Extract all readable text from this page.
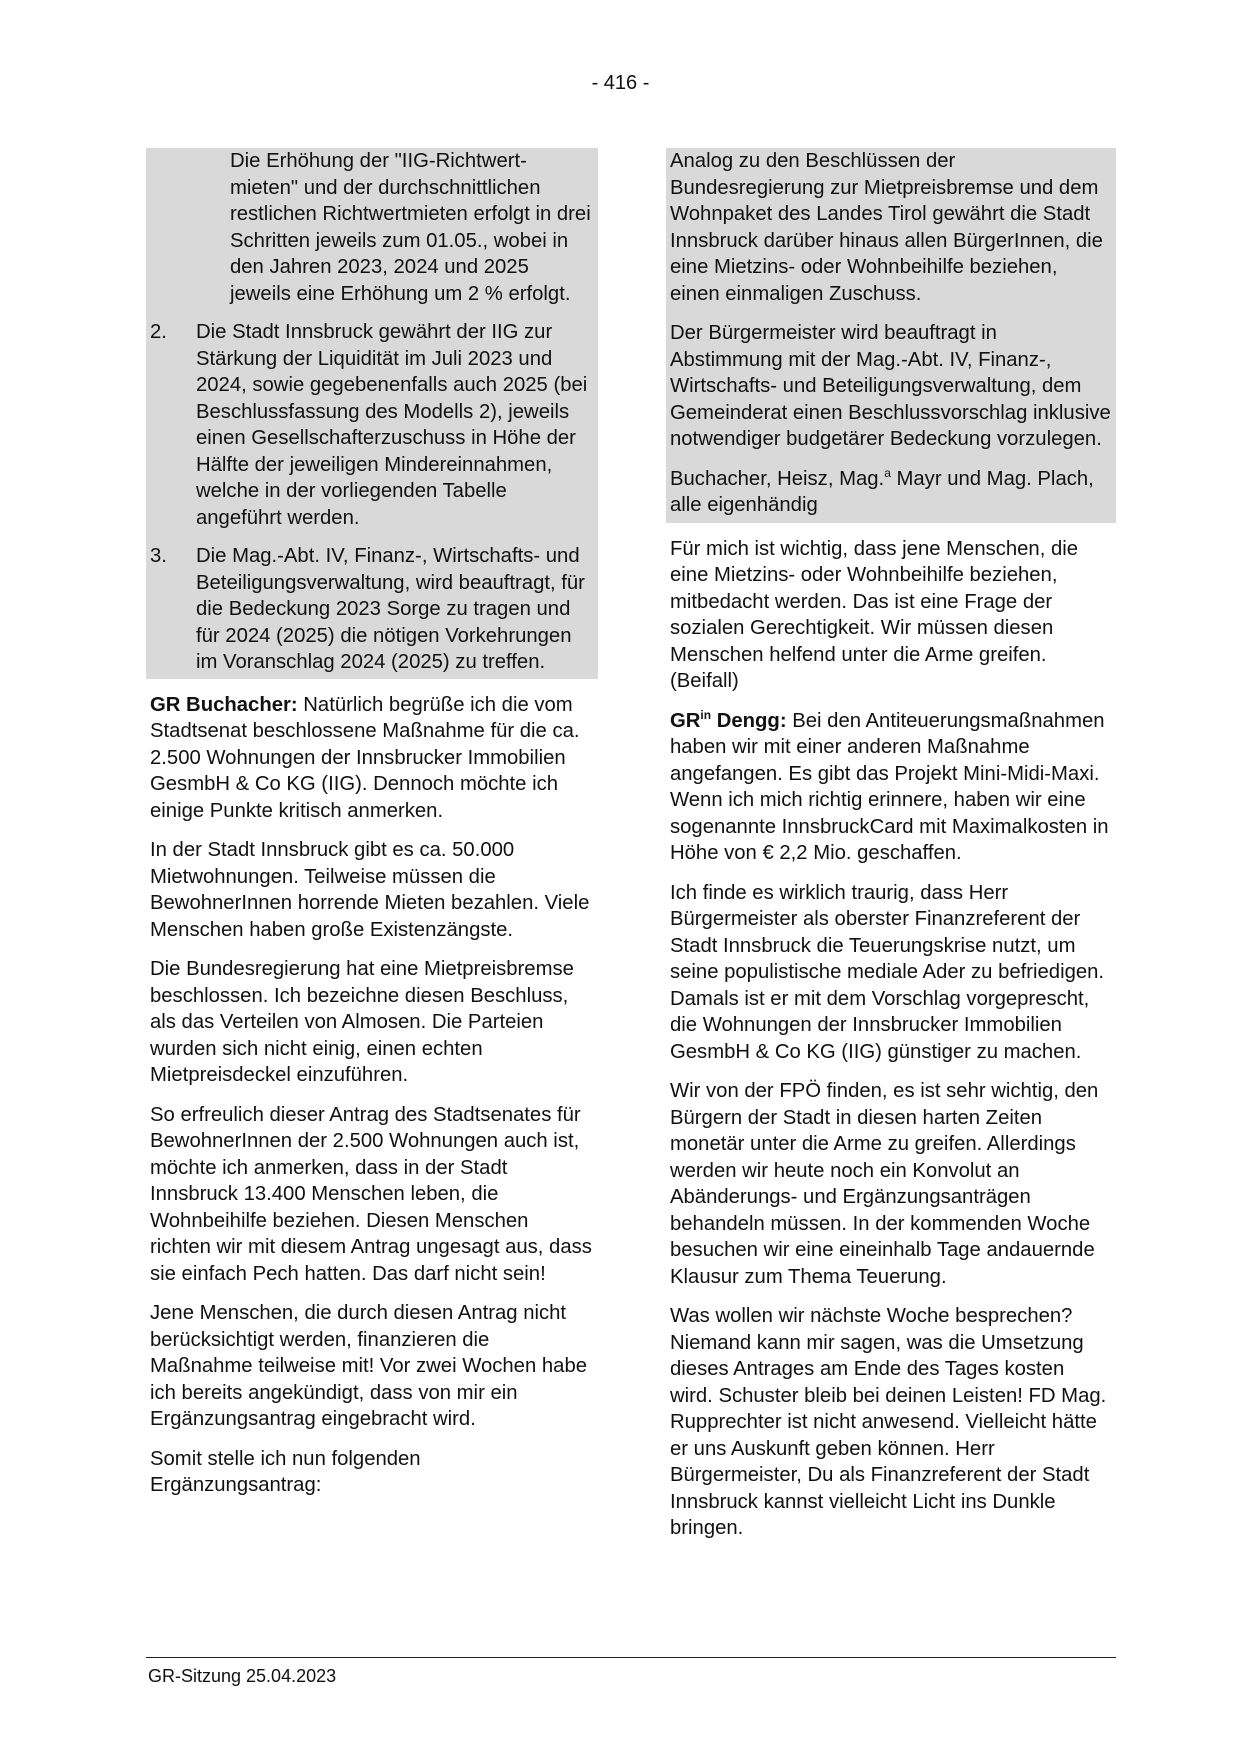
- 416 -

Die Erhöhung der "IIG-Richtwert-mieten" und der durchschnittlichen restlichen Richtwertmieten erfolgt in drei Schritten jeweils zum 01.05., wobei in den Jahren 2023, 2024 und 2025 jeweils eine Erhöhung um 2 % erfolgt.

2.	Die Stadt Innsbruck gewährt der IIG zur Stärkung der Liquidität im Juli 2023 und 2024, sowie gegebenenfalls auch 2025 (bei Beschlussfassung des Modells 2), jeweils einen Gesellschafterzuschuss in Höhe der Hälfte der jeweiligen Mindereinnahmen, welche in der vorliegenden Tabelle angeführt werden.
3.	Die Mag.-Abt. IV, Finanz-, Wirtschafts- und Beteiligungsverwaltung, wird beauftragt, für die Bedeckung 2023 Sorge zu tragen und für 2024 (2025) die nötigen Vorkehrungen im Voranschlag 2024 (2025) zu treffen.

GR Buchacher: Natürlich begrüße ich die vom Stadtsenat beschlossene Maßnahme für die ca. 2.500 Wohnungen der Innsbrucker Immobilien GesmbH & Co KG (IIG). Dennoch möchte ich einige Punkte kritisch anmerken.

In der Stadt Innsbruck gibt es ca. 50.000 Mietwohnungen. Teilweise müssen die BewohnerInnen horrende Mieten bezahlen. Viele Menschen haben große Existenzängste.

Die Bundesregierung hat eine Mietpreisbremse beschlossen. Ich bezeichne diesen Beschluss, als das Verteilen von Almosen. Die Parteien wurden sich nicht einig, einen echten Mietpreisdeckel einzuführen.

So erfreulich dieser Antrag des Stadtsenates für BewohnerInnen der 2.500 Wohnungen auch ist, möchte ich anmerken, dass in der Stadt Innsbruck 13.400 Menschen leben, die Wohnbeihilfe beziehen. Diesen Menschen richten wir mit diesem Antrag ungesagt aus, dass sie einfach Pech hatten. Das darf nicht sein!

Jene Menschen, die durch diesen Antrag nicht berücksichtigt werden, finanzieren die Maßnahme teilweise mit! Vor zwei Wochen habe ich bereits angekündigt, dass von mir ein Ergänzungsantrag eingebracht wird.

Somit stelle ich nun folgenden Ergänzungsantrag:

Analog zu den Beschlüssen der Bundesregierung zur Mietpreisbremse und dem Wohnpaket des Landes Tirol gewährt die Stadt Innsbruck darüber hinaus allen BürgerInnen, die eine Mietzins- oder Wohnbeihilfe beziehen, einen einmaligen Zuschuss.

Der Bürgermeister wird beauftragt in Abstimmung mit der Mag.-Abt. IV, Finanz-, Wirtschafts- und Beteiligungsverwaltung, dem Gemeinderat einen Beschlussvorschlag inklusive notwendiger budgetärer Bedeckung vorzulegen.

Buchacher, Heisz, Mag.$^a$ Mayr und Mag. Plach, alle eigenhändig

Für mich ist wichtig, dass jene Menschen, die eine Mietzins- oder Wohnbeihilfe beziehen, mitbedacht werden. Das ist eine Frage der sozialen Gerechtigkeit. Wir müssen diesen Menschen helfend unter die Arme greifen. (Beifall)

$GR^{in}$ Dengg: Bei den Antiteuerungsmaßnahmen haben wir mit einer anderen Maßnahme angefangen. Es gibt das Projekt Mini-Midi-Maxi. Wenn ich mich richtig erinnere, haben wir eine sogenannte InnsbruckCard mit Maximalkosten in Höhe von € 2,2 Mio. geschaffen.

Ich finde es wirklich traurig, dass Herr Bürgermeister als oberster Finanzreferent der Stadt Innsbruck die Teuerungskrise nutzt, um seine populistische mediale Ader zu befriedigen. Damals ist er mit dem Vorschlag vorgeprescht, die Wohnungen der Innsbrucker Immobilien GesmbH & Co KG (IIG) günstiger zu machen.

Wir von der FPÖ finden, es ist sehr wichtig, den Bürgern der Stadt in diesen harten Zeiten monetär unter die Arme zu greifen. Allerdings werden wir heute noch ein Konvolut an Abänderungs- und Ergänzungsanträgen behandeln müssen. In der kommenden Woche besuchen wir eine eineinhalb Tage andauernde Klausur zum Thema Teuerung.

Was wollen wir nächste Woche besprechen? Niemand kann mir sagen, was die Umsetzung dieses Antrages am Ende des Tages kosten wird. Schuster bleib bei deinen Leisten! FD Mag. Rupprechter ist nicht anwesend. Vielleicht hätte er uns Auskunft geben können. Herr Bürgermeister, Du als Finanzreferent der Stadt Innsbruck kannst vielleicht Licht ins Dunkle bringen.

GR-Sitzung 25.04.2023
